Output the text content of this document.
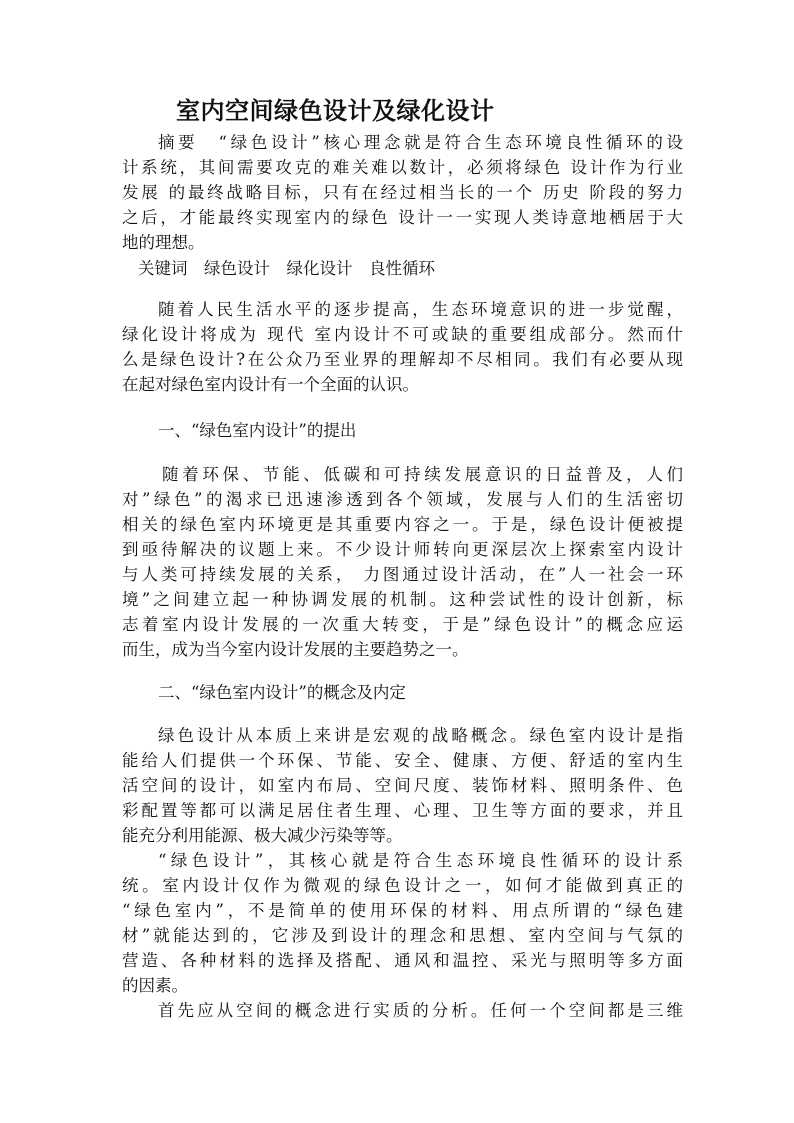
室内空间绿色设计及绿化设计
摘要　“绿色设计”核心理念就是符合生态环境良性循环的设
计系统，其间需要攻克的难关难以数计，必须将绿色 设计作为行业
发展 的最终战略目标，只有在经过相当长的一个 历史 阶段的努力
之后，才能最终实现室内的绿色 设计一一实现人类诗意地栖居于大
地的理想。
关键词　绿色设计　绿化设计　良性循环
随着人民生活水平的逐步提高，生态环境意识的进一步觉醒，
绿化设计将成为 现代 室内设计不可或缺的重要组成部分。然而什
么是绿色设计?在公众乃至业界的理解却不尽相同。我们有必要从现
在起对绿色室内设计有一个全面的认识。
一、“绿色室内设计”的提出
随着环保、节能、低碳和可持续发展意识的日益普及，人们
对”绿色”的渴求已迅速渗透到各个领域，发展与人们的生活密切
相关的绿色室内环境更是其重要内容之一。于是，绿色设计便被提
到亟待解决的议题上来。不少设计师转向更深层次上探索室内设计
与人类可持续发展的关系， 力图通过设计活动，在”人一社会一环
境”之间建立起一种协调发展的机制。这种尝试性的设计创新，标
志着室内设计发展的一次重大转变，于是”绿色设计”的概念应运
而生，成为当今室内设计发展的主要趋势之一。
二、“绿色室内设计”的概念及内定
绿色设计从本质上来讲是宏观的战略概念。绿色室内设计是指
能给人们提供一个环保、节能、安全、健康、方便、舒适的室内生
活空间的设计，如室内布局、空间尺度、装饰材料、照明条件、色
彩配置等都可以满足居住者生理、心理、卫生等方面的要求，并且
能充分利用能源、极大减少污染等等。
“绿色设计”，其核心就是符合生态环境良性循环的设计系
统。室内设计仅作为微观的绿色设计之一，如何才能做到真正的
“绿色室内”，不是简单的使用环保的材料、用点所谓的“绿色建
材”就能达到的，它涉及到设计的理念和思想、室内空间与气氛的
营造、各种材料的选择及搭配、通风和温控、采光与照明等多方面
的因素。
首先应从空间的概念进行实质的分析。任何一个空间都是三维
